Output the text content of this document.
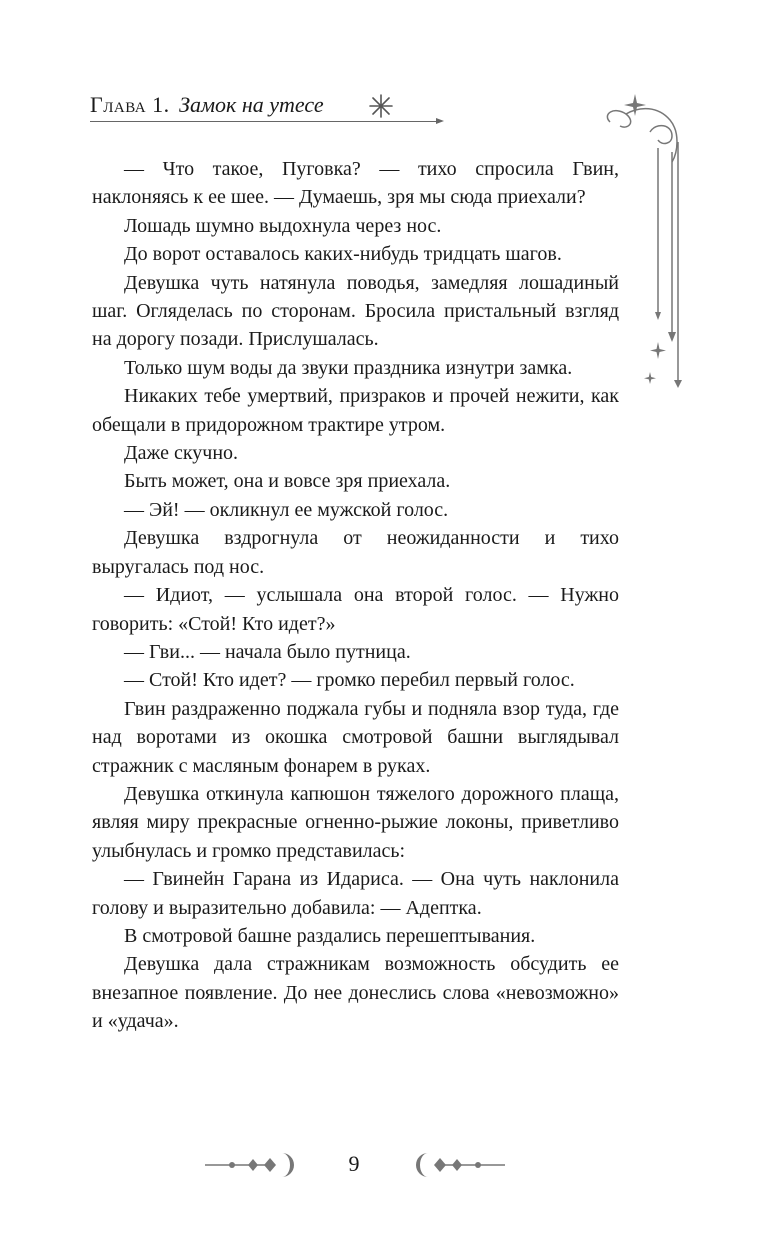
Глава 1. Замок на утесе

— Что такое, Пуговка? — тихо спросила Гвин, наклоняясь к ее шее. — Думаешь, зря мы сюда приехали?

Лошадь шумно выдохнула через нос.

До ворот оставалось каких-нибудь тридцать шагов.

Девушка чуть натянула поводья, замедляя лошадиный шаг. Огляделась по сторонам. Бросила пристальный взгляд на дорогу позади. Прислушалась.

Только шум воды да звуки праздника изнутри замка.

Никаких тебе умертвий, призраков и прочей нежити, как обещали в придорожном трактире утром.

Даже скучно.

Быть может, она и вовсе зря приехала.

— Эй! — окликнул ее мужской голос.

Девушка вздрогнула от неожиданности и тихо выругалась под нос.

— Идиот, — услышала она второй голос. — Нужно говорить: «Стой! Кто идет?»

— Гви... — начала было путница.

— Стой! Кто идет? — громко перебил первый голос.

Гвин раздраженно поджала губы и подняла взор туда, где над воротами из окошка смотровой башни выглядывал стражник с масляным фонарем в руках.

Девушка откинула капюшон тяжелого дорожного плаща, являя миру прекрасные огненно-рыжие локоны, приветливо улыбнулась и громко представилась:

— Гвинейн Гарана из Идариса. — Она чуть наклонила голову и выразительно добавила: — Адептка.

В смотровой башне раздались перешептывания.

Девушка дала стражникам возможность обсудить ее внезапное появление. До нее донеслись слова «невозможно» и «удача».

9
